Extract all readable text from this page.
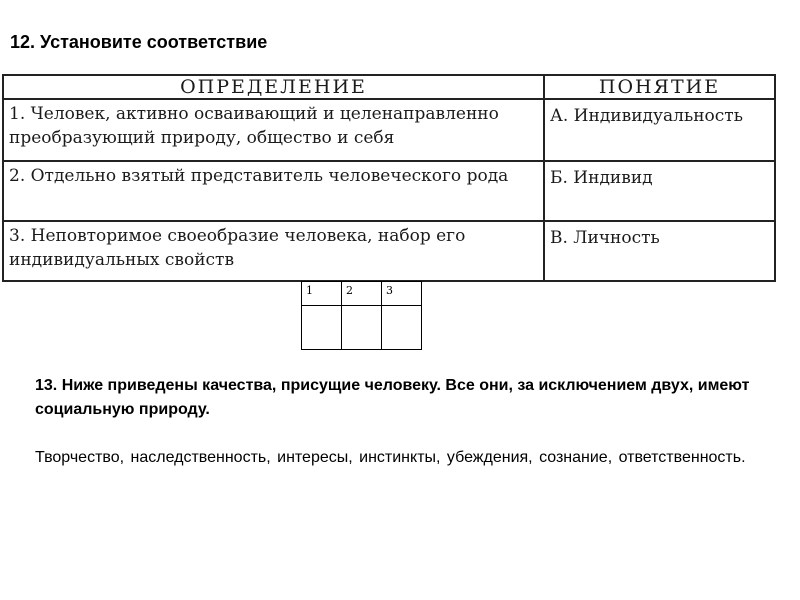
12. Установите соответствие
ОПРЕДЕЛЕНИЕ	ПОНЯТИЕ
1. Человек, активно осваивающий и целенаправленно преобразующий природу, общество и себя	А. Индивидуальность
2. Отдельно взятый представитель человеческого рода	Б. Индивид
3. Неповторимое своеобразие человека, набор его индивидуальных свойств	В. Личность
1	2	3

13. Ниже приведены качества, присущие человеку. Все они, за исключением двух, имеют социальную природу.
Творчество, наследственность, интересы, инстинкты, убеждения, сознание, ответственность.
